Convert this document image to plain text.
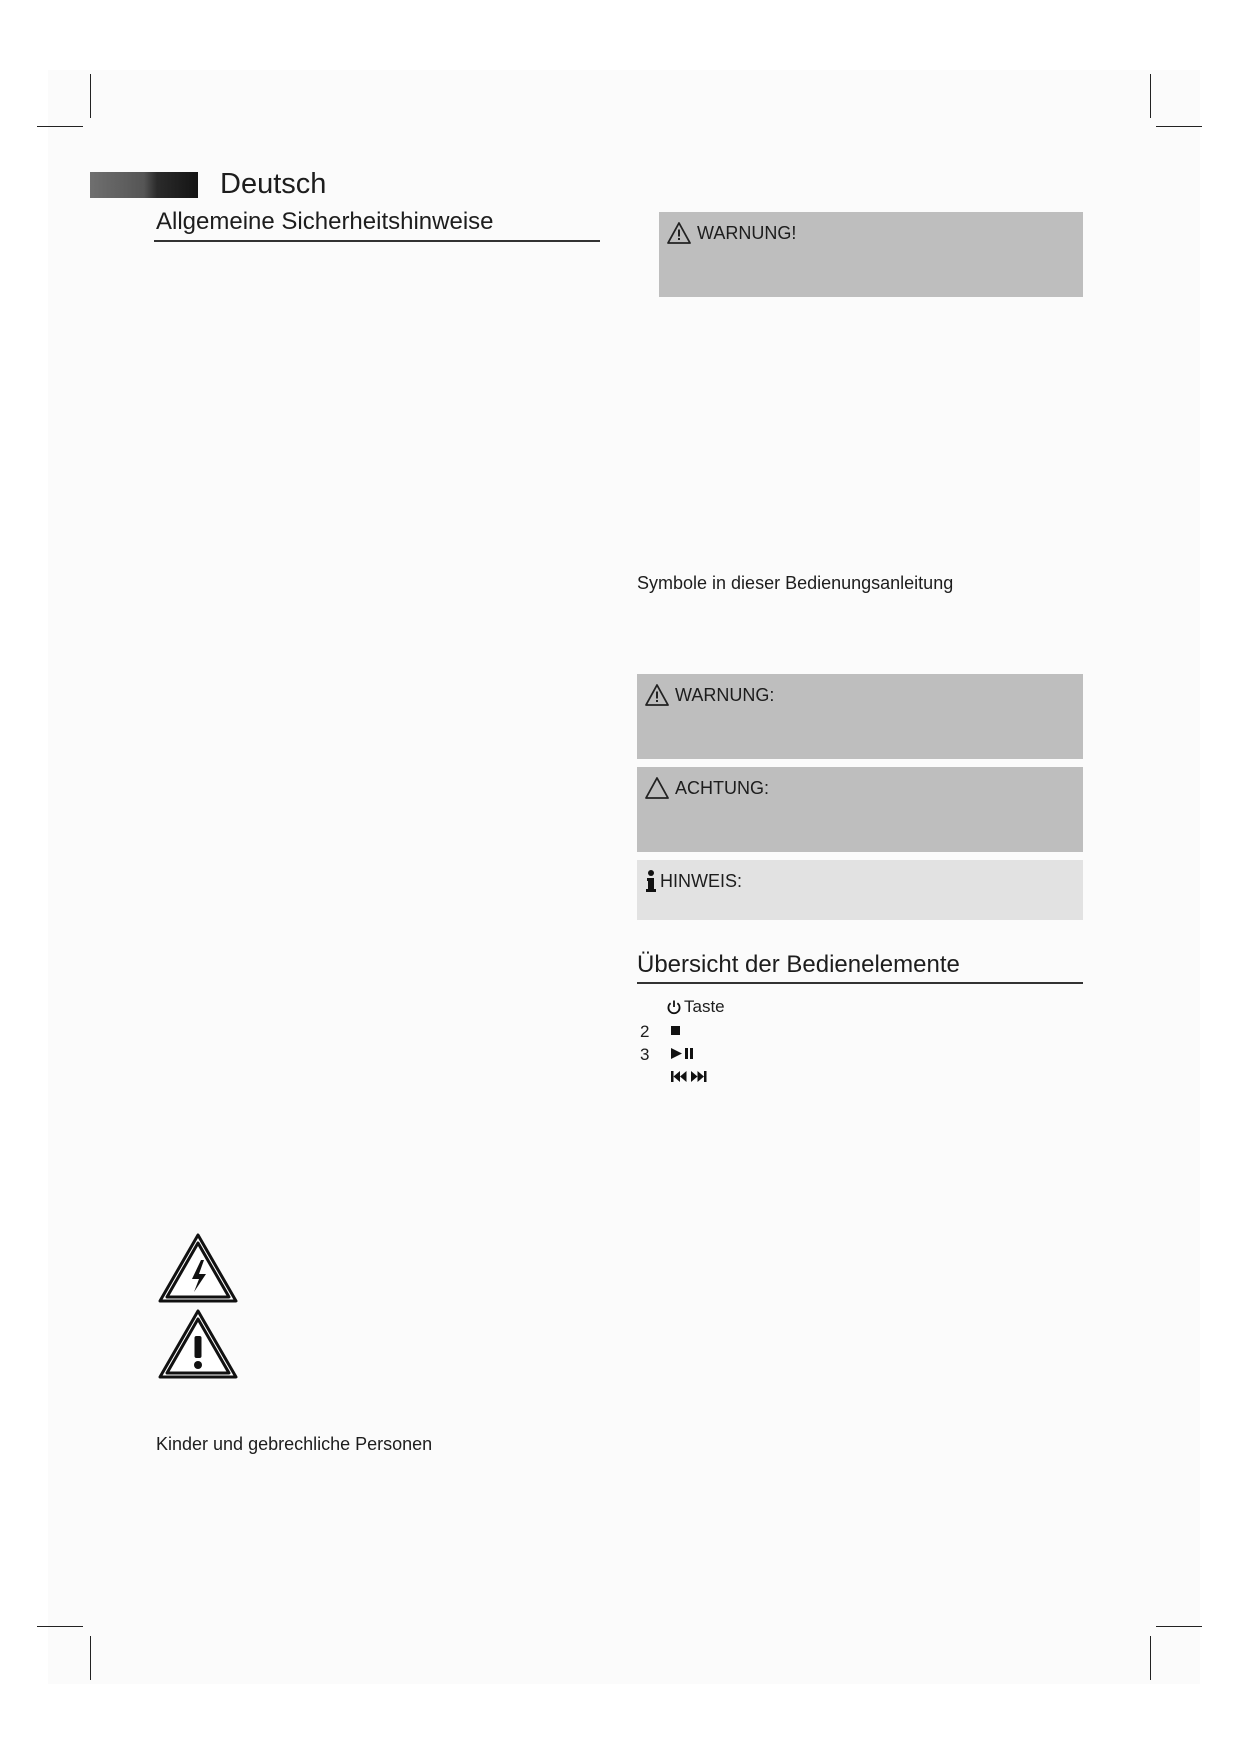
Deutsch
Allgemeine Sicherheitshinweise
Kinder und gebrechliche Personen
WARNUNG!
Symbole in dieser Bedienungsanleitung
WARNUNG:
ACHTUNG:
HINWEIS:
Übersicht der Bedienelemente
Taste
2
3
